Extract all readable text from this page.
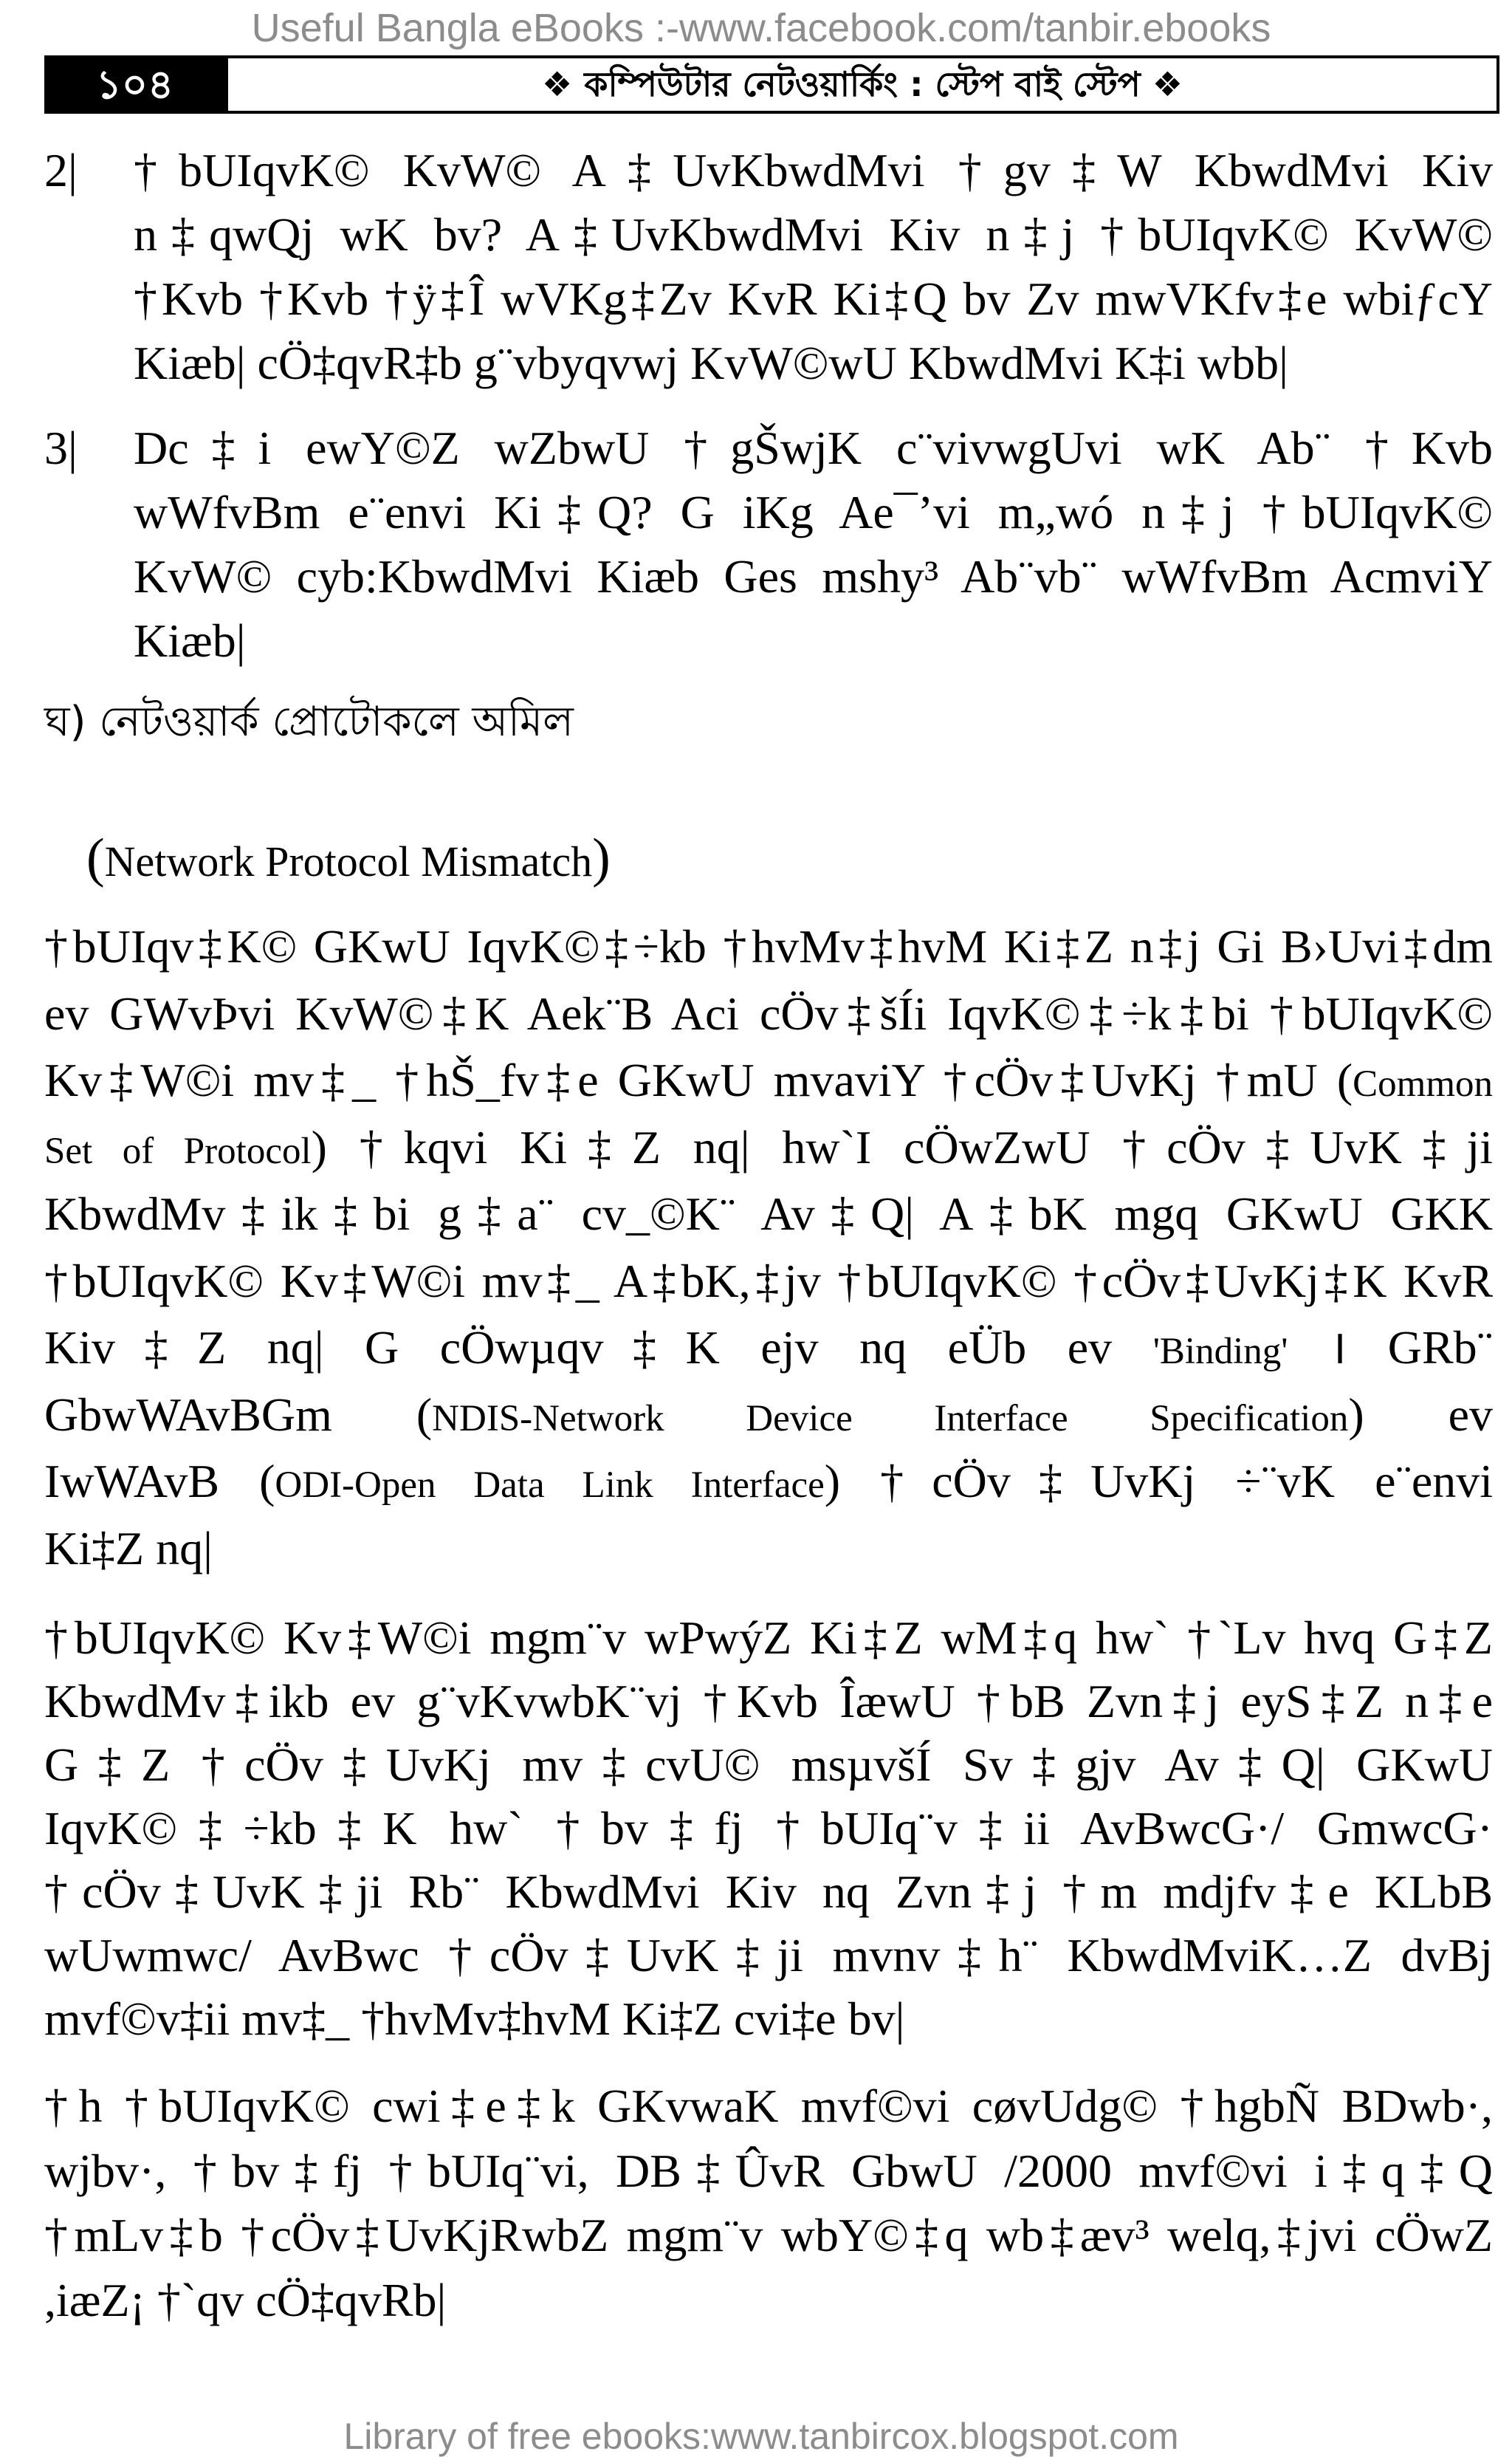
Useful Bangla eBooks :-www.facebook.com/tanbir.ebooks
১০৪	❖ কম্পিউটার নেটওয়ার্কিং : স্টেপ বাই স্টেপ ❖
2| †bUIqvK© KvW© A‡UvKbwdMvi †gv‡W KbwdMvi Kiv
n‡qwQj wK bv? A‡UvKbwdMvi Kiv n‡j †bUIqvK© KvW©
†Kvb †Kvb †ÿ‡Î wVKg‡Zv KvR Ki‡Q bv Zv mwVKfv‡e wbiƒcY
Kiæb| cÖ‡qvR‡b g¨vbyqvwj KvW©wU KbwdMvi K‡i wbb|
3| Dc‡i ewY©Z wZbwU †gŠwjK c¨vivwgUvi wK Ab¨ †Kvb
wWfvBm e¨envi Ki‡Q? G iKg Ae¯’vi m„wó n‡j †bUIqvK©
KvW© cyb:KbwdMvi Kiæb Ges mshy³ Ab¨vb¨ wWfvBm AcmviY
Kiæb|
ঘ) নেটওয়ার্ক প্রোটোকলে অমিল
(Network Protocol Mismatch)
†bUIqv‡K© GKwU IqvK©‡÷kb †hvMv‡hvM Ki‡Z n‡j Gi B›Uvi‡dm
ev GWvÞvi KvW©‡K Aek¨B Aci cÖv‡šÍi IqvK©‡÷k‡bi †bUIqvK©
Kv‡W©i mv‡_ †hŠ_fv‡e GKwU mvaviY †cÖv‡UvKj †mU (Common
Set of Protocol) †kqvi Ki‡Z nq| hw`I cÖwZwU †cÖv‡UvK‡ji
KbwdMv‡ik‡bi g‡a¨ cv_©K¨ Av‡Q| A‡bK mgq GKwU GKK
†bUIqvK© Kv‡W©i mv‡_ A‡bK,‡jv †bUIqvK© †cÖv‡UvKj‡K KvR
Kiv‡Z nq| G cÖwµqv‡K ejv nq eÜb ev 'Binding' । GRb¨
GbwWAvBGm (NDIS-Network Device Interface Specification) ev
IwWAvB (ODI-Open Data Link Interface) †cÖv‡UvKj ÷¨vK e¨envi
Ki‡Z nq|
†bUIqvK© Kv‡W©i mgm¨v wPwýZ Ki‡Z wM‡q hw` †`Lv hvq G‡Z
KbwdMv‡ikb ev g¨vKvwbK¨vj †Kvb ÎæwU †bB Zvn‡j eyS‡Z n‡e
G‡Z †cÖv‡UvKj mv‡cvU© msµvšÍ Sv‡gjv Av‡Q| GKwU
IqvK©‡÷kb‡K hw` †bv‡fj †bUIq¨v‡ii AvBwcG·/ GmwcG·
†cÖv‡UvK‡ji Rb¨ KbwdMvi Kiv nq Zvn‡j †m mdjfv‡e KLbB
wUwmwc/ AvBwc †cÖv‡UvK‡ji mvnv‡h¨ KbwdMviK…Z dvBj
mvf©v‡ii mv‡_ †hvMv‡hvM Ki‡Z cvi‡e bv|
†h †bUIqvK© cwi‡e‡k GKvwaK mvf©vi cøvUdg© †hgbÑ BDwb·,
wjbv·, †bv‡fj †bUIq¨vi, DB‡ÛvR GbwU /2000 mvf©vi i‡q‡Q
†mLv‡b †cÖv‡UvKjRwbZ mgm¨v wbY©‡q wb‡æv³ welq,‡jvi cÖwZ
,iæZ¡ †`qv cÖ‡qvRb|
Library of free ebooks:www.tanbircox.blogspot.com
